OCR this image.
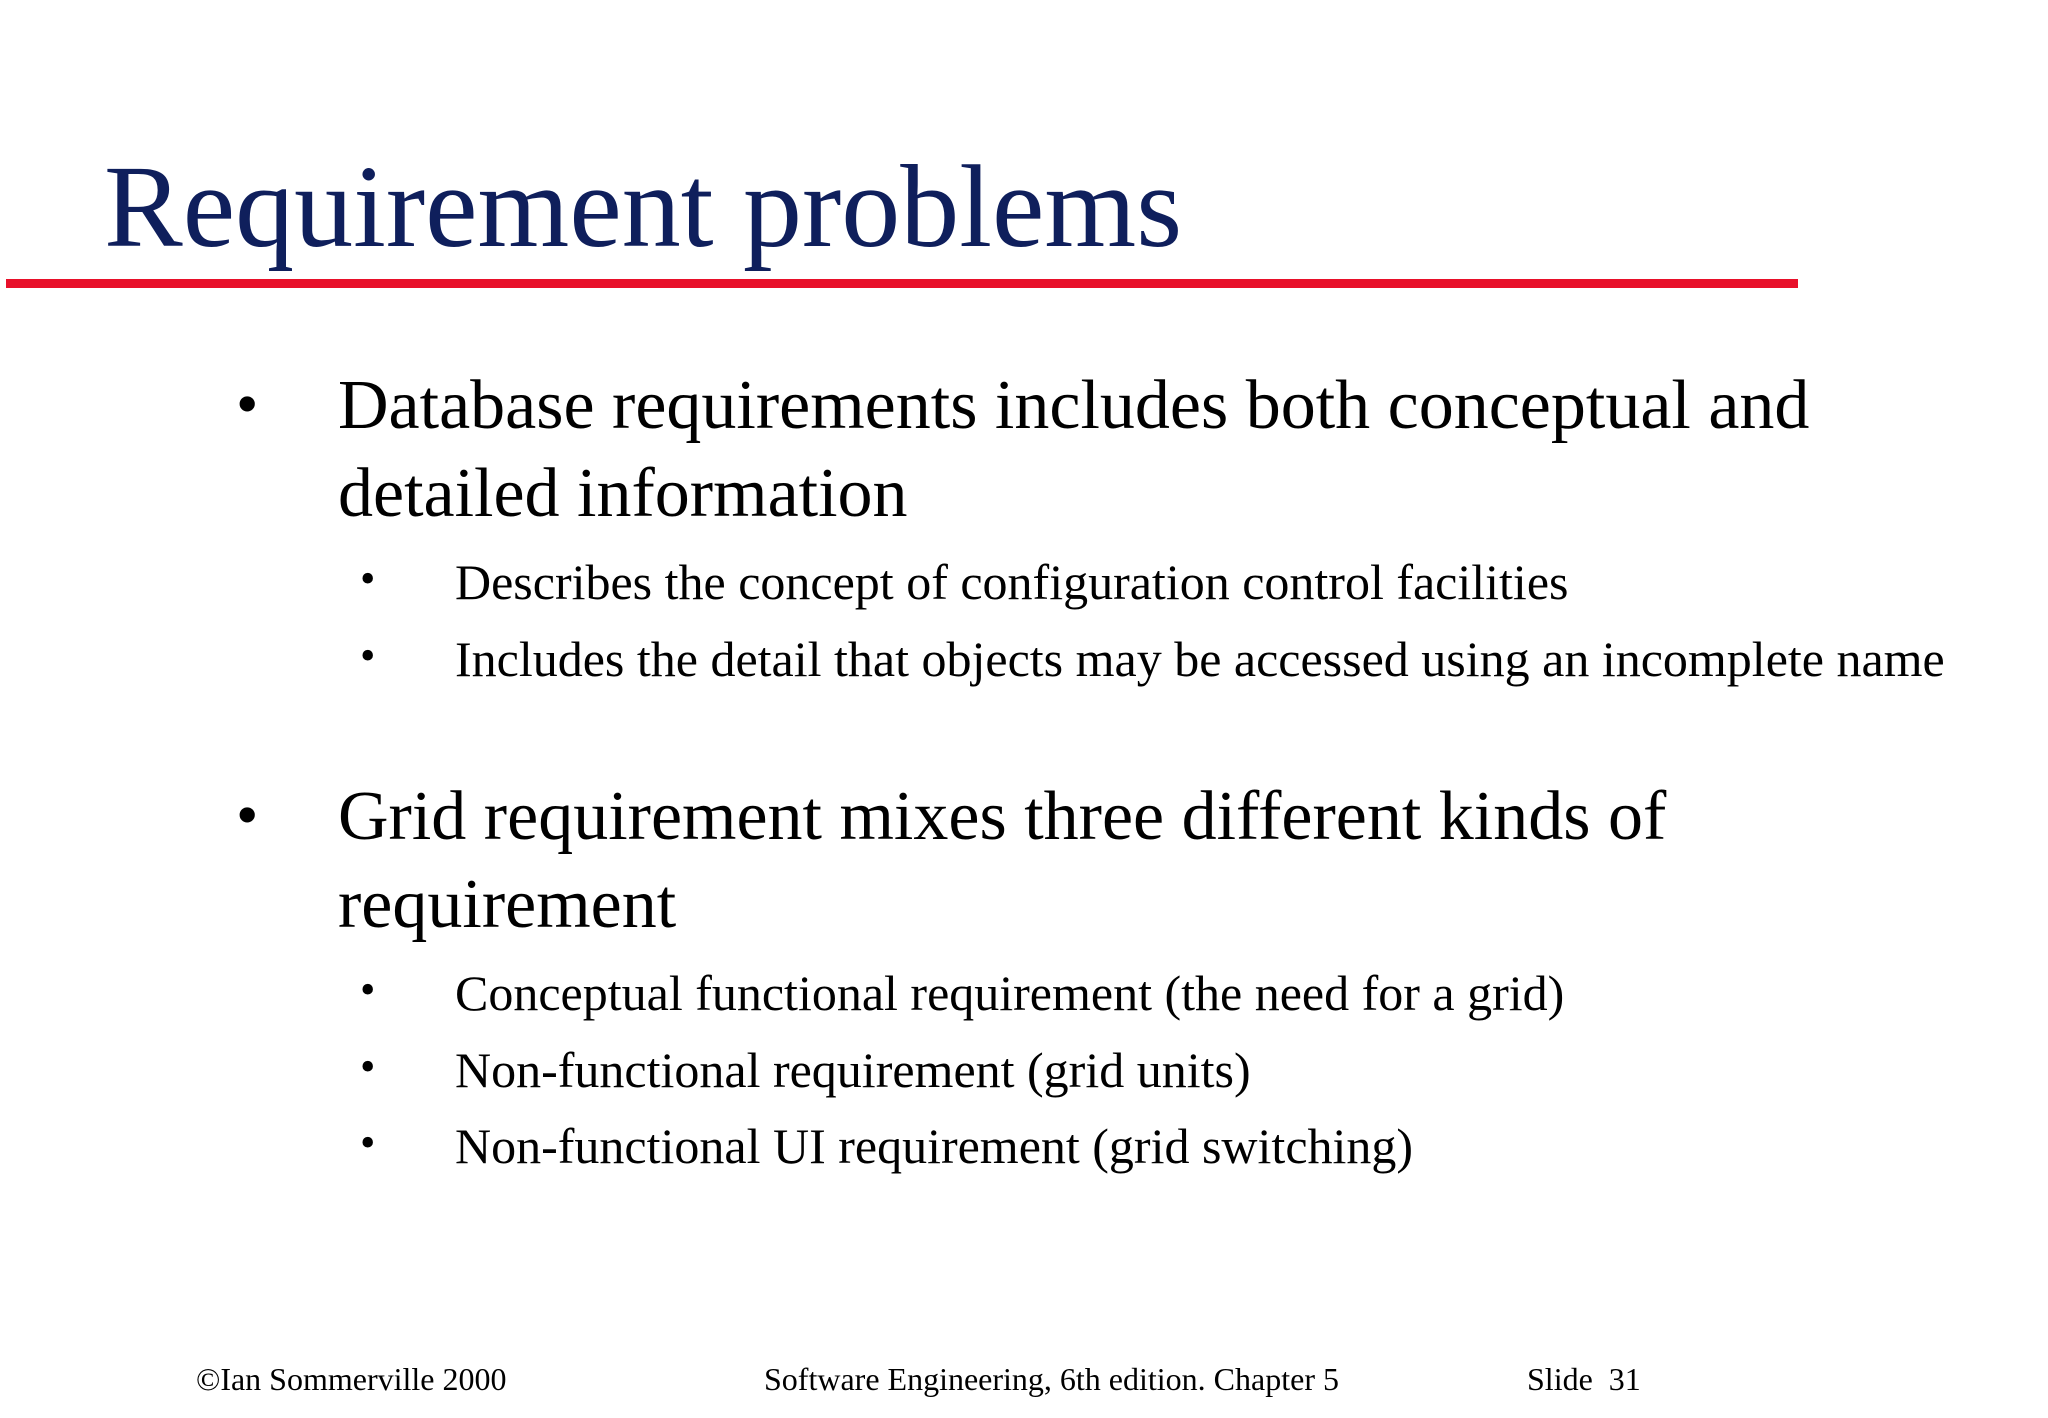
Requirement problems
• Database requirements includes both conceptual and detailed information

• Describes the concept of configuration control facilities

• Includes the detail that objects may be accessed using an incomplete name

• Grid requirement mixes three different kinds of requirement

• Conceptual functional requirement (the need for a grid)

• Non-functional requirement (grid units)

• Non-functional UI requirement (grid switching)

©Ian Sommerville 2000	Software Engineering, 6th edition. Chapter 5	Slide  31
